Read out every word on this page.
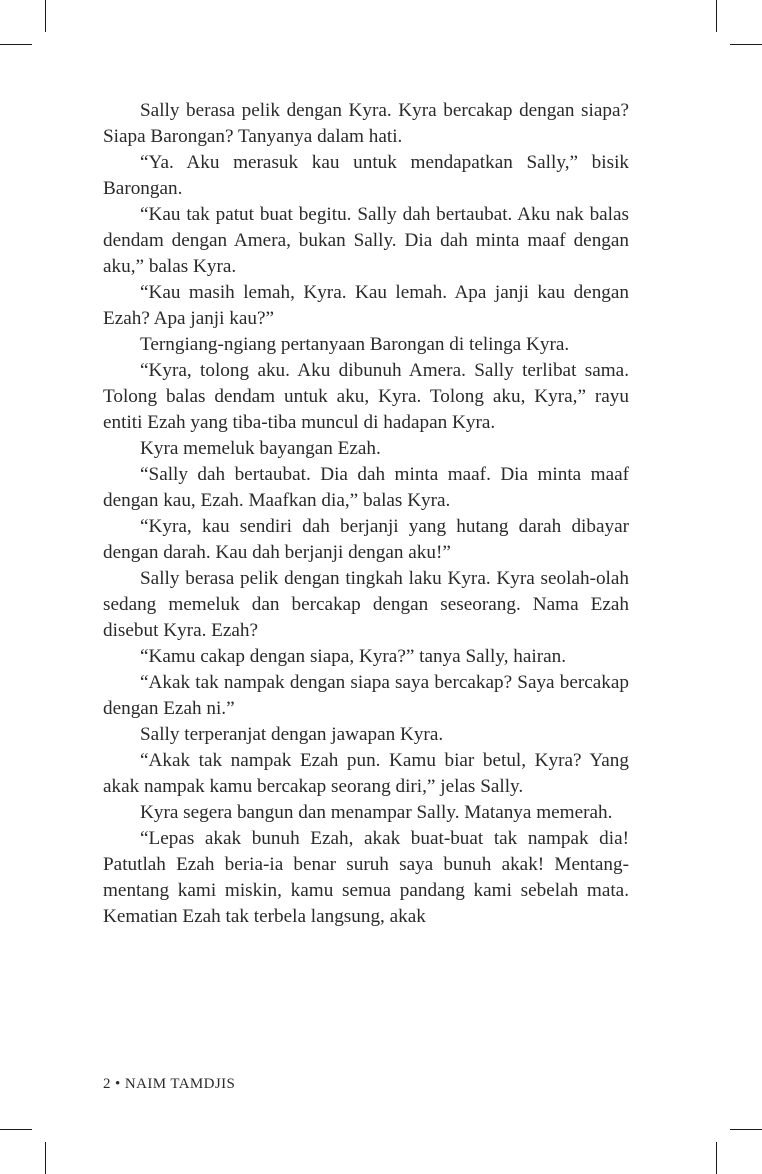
Sally berasa pelik dengan Kyra. Kyra bercakap dengan siapa? Siapa Barongan? Tanyanya dalam hati.

“Ya. Aku merasuk kau untuk mendapatkan Sally,” bisik Barongan.

“Kau tak patut buat begitu. Sally dah bertaubat. Aku nak balas dendam dengan Amera, bukan Sally. Dia dah minta maaf dengan aku,” balas Kyra.

“Kau masih lemah, Kyra. Kau lemah. Apa janji kau dengan Ezah? Apa janji kau?”

Terngiang-ngiang pertanyaan Barongan di telinga Kyra.

“Kyra, tolong aku. Aku dibunuh Amera. Sally terlibat sama. Tolong balas dendam untuk aku, Kyra. Tolong aku, Kyra,” rayu entiti Ezah yang tiba-tiba muncul di hadapan Kyra.

Kyra memeluk bayangan Ezah.

“Sally dah bertaubat. Dia dah minta maaf. Dia minta maaf dengan kau, Ezah. Maafkan dia,” balas Kyra.

“Kyra, kau sendiri dah berjanji yang hutang darah dibayar dengan darah. Kau dah berjanji dengan aku!”

Sally berasa pelik dengan tingkah laku Kyra. Kyra seolah-olah sedang memeluk dan bercakap dengan seseorang. Nama Ezah disebut Kyra. Ezah?

“Kamu cakap dengan siapa, Kyra?” tanya Sally, hairan.

“Akak tak nampak dengan siapa saya bercakap? Saya bercakap dengan Ezah ni.”

Sally terperanjat dengan jawapan Kyra.

“Akak tak nampak Ezah pun. Kamu biar betul, Kyra? Yang akak nampak kamu bercakap seorang diri,” jelas Sally.

Kyra segera bangun dan menampar Sally. Matanya memerah.

“Lepas akak bunuh Ezah, akak buat-buat tak nampak dia! Patutlah Ezah beria-ia benar suruh saya bunuh akak! Mentang-mentang kami miskin, kamu semua pandang kami sebelah mata. Kematian Ezah tak terbela langsung, akak

2 • NAIM TAMDJIS
